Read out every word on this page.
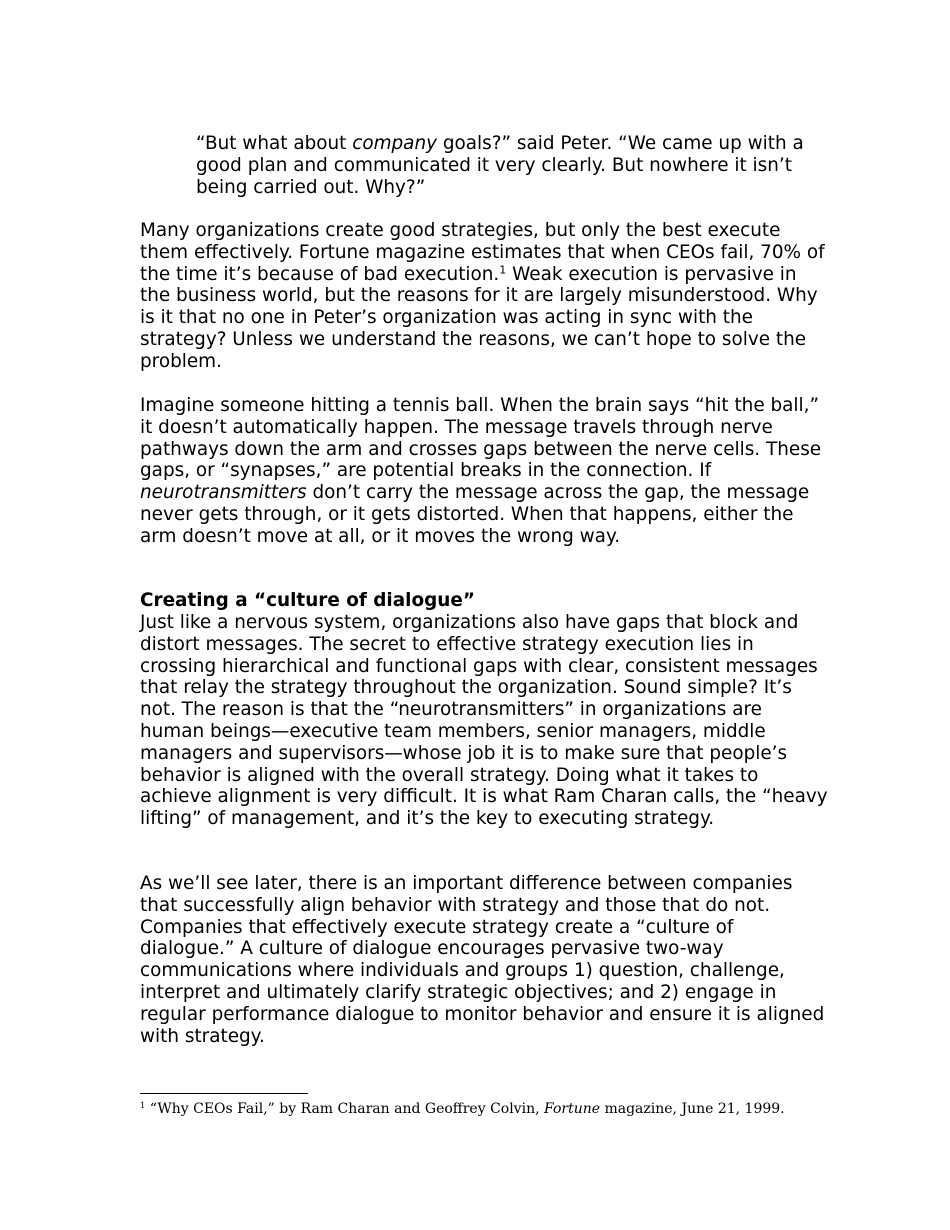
“But what about company goals?” said Peter. “We came up with a good plan and communicated it very clearly. But nowhere it isn’t being carried out. Why?”

Many organizations create good strategies, but only the best execute them effectively. Fortune magazine estimates that when CEOs fail, 70% of the time it’s because of bad execution.$^1$ Weak execution is pervasive in the business world, but the reasons for it are largely misunderstood. Why is it that no one in Peter’s organization was acting in sync with the strategy? Unless we understand the reasons, we can’t hope to solve the problem.

Imagine someone hitting a tennis ball. When the brain says “hit the ball,” it doesn’t automatically happen. The message travels through nerve pathways down the arm and crosses gaps between the nerve cells. These gaps, or “synapses,” are potential breaks in the connection. If neurotransmitters don’t carry the message across the gap, the message never gets through, or it gets distorted. When that happens, either the arm doesn’t move at all, or it moves the wrong way.

Creating a “culture of dialogue”

Just like a nervous system, organizations also have gaps that block and distort messages. The secret to effective strategy execution lies in crossing hierarchical and functional gaps with clear, consistent messages that relay the strategy throughout the organization. Sound simple? It’s not. The reason is that the “neurotransmitters” in organizations are human beings—executive team members, senior managers, middle managers and supervisors—whose job it is to make sure that people’s behavior is aligned with the overall strategy. Doing what it takes to achieve alignment is very difficult. It is what Ram Charan calls, the “heavy lifting” of management, and it’s the key to executing strategy.

As we’ll see later, there is an important difference between companies that successfully align behavior with strategy and those that do not. Companies that effectively execute strategy create a “culture of dialogue.” A culture of dialogue encourages pervasive two-way communications where individuals and groups 1) question, challenge, interpret and ultimately clarify strategic objectives; and 2) engage in regular performance dialogue to monitor behavior and ensure it is aligned with strategy.

$^1$ “Why CEOs Fail,” by Ram Charan and Geoffrey Colvin, Fortune magazine, June 21, 1999.
